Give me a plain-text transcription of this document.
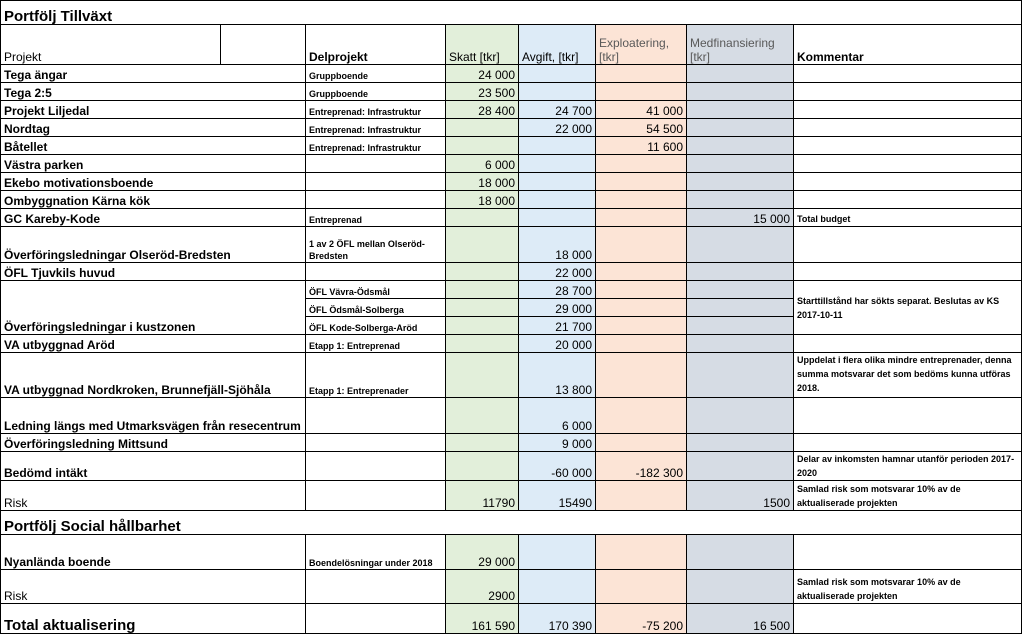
Portfölj Tillväxt							
Projekt		Delprojekt	Skatt [tkr]	Avgift, [tkr]	Exploatering, [tkr]	Medfinansiering [tkr]	Kommentar
Tega ängar		Gruppboende	24 000				
Tega 2:5		Gruppboende	23 500				
Projekt Liljedal		Entreprenad: Infrastruktur	28 400	24 700	41 000		
Nordtag		Entreprenad: Infrastruktur		22 000	54 500		
Båtellet		Entreprenad: Infrastruktur			11 600		
Västra parken			6 000				
Ekebo motivationsboende			18 000				
Ombyggnation Kärna kök			18 000				
GC Kareby-Kode		Entreprenad				15 000	Total budget
Överföringsledningar Olseröd-Bredsten		1 av 2 ÖFL mellan Olseröd-Bredsten		18 000			
ÖFL Tjuvkils huvud				22 000			
Överföringsledningar i kustzonen		ÖFL Vävra-Ödsmål		28 700			Starttillstånd har sökts separat. Beslutas av KS 2017-10-11
		ÖFL Ödsmål-Solberga		29 000			
		ÖFL Kode-Solberga-Aröd		21 700			
VA utbyggnad Aröd		Etapp 1: Entreprenad		20 000			
VA utbyggnad Nordkroken, Brunnefjäll-Sjöhåla		Etapp 1: Entreprenader		13 800			Uppdelat i flera olika mindre entreprenader, denna summa motsvarar det som bedöms kunna utföras 2018.
Ledning längs med Utmarksvägen från resecentrum				6 000			
Överföringsledning Mittsund				9 000			
Bedömd intäkt				-60 000	-182 300		Delar av inkomsten hamnar utanför perioden 2017-2020
Risk			11790	15490		1500	Samlad risk som motsvarar 10% av de aktualiserade projekten
Portfölj Social hållbarhet							
Nyanlända boende		Boendelösningar under 2018	29 000				
Risk			2900				Samlad risk som motsvarar 10% av de aktualiserade projekten
Total aktualisering			161 590	170 390	-75 200	16 500	
